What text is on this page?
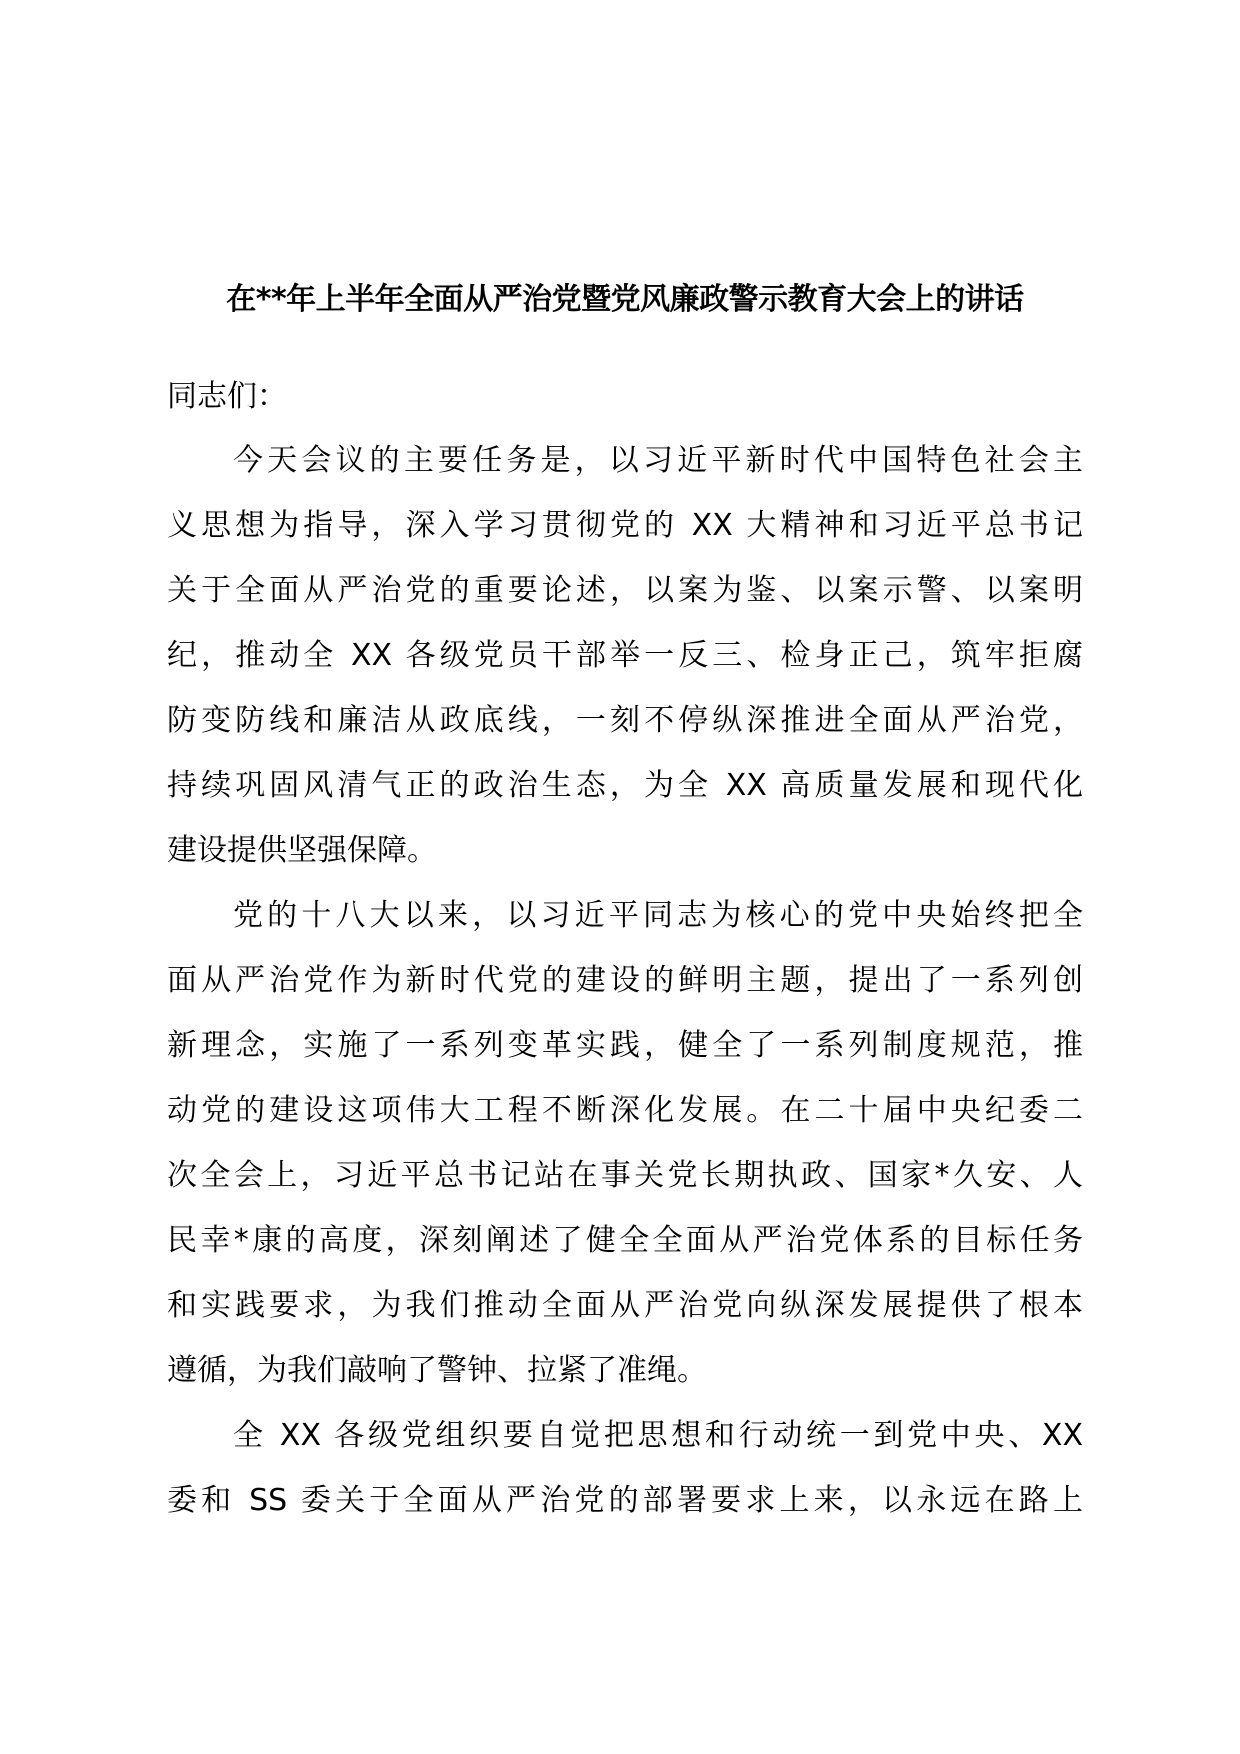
在**年上半年全面从严治党暨党风廉政警示教育大会上的讲话
同志们：
今天会议的主要任务是，以习近平新时代中国特色社会主
义思想为指导，深入学习贯彻党的 XX 大精神和习近平总书记
关于全面从严治党的重要论述，以案为鉴、以案示警、以案明
纪，推动全 XX 各级党员干部举一反三、检身正己，筑牢拒腐
防变防线和廉洁从政底线，一刻不停纵深推进全面从严治党，
持续巩固风清气正的政治生态，为全 XX 高质量发展和现代化
建设提供坚强保障。
党的十八大以来，以习近平同志为核心的党中央始终把全
面从严治党作为新时代党的建设的鲜明主题，提出了一系列创
新理念，实施了一系列变革实践，健全了一系列制度规范，推
动党的建设这项伟大工程不断深化发展。在二十届中央纪委二
次全会上，习近平总书记站在事关党长期执政、国家*久安、人
民幸*康的高度，深刻阐述了健全全面从严治党体系的目标任务
和实践要求，为我们推动全面从严治党向纵深发展提供了根本
遵循，为我们敲响了警钟、拉紧了准绳。
全 XX 各级党组织要自觉把思想和行动统一到党中央、XX
委和 SS 委关于全面从严治党的部署要求上来，以永远在路上
